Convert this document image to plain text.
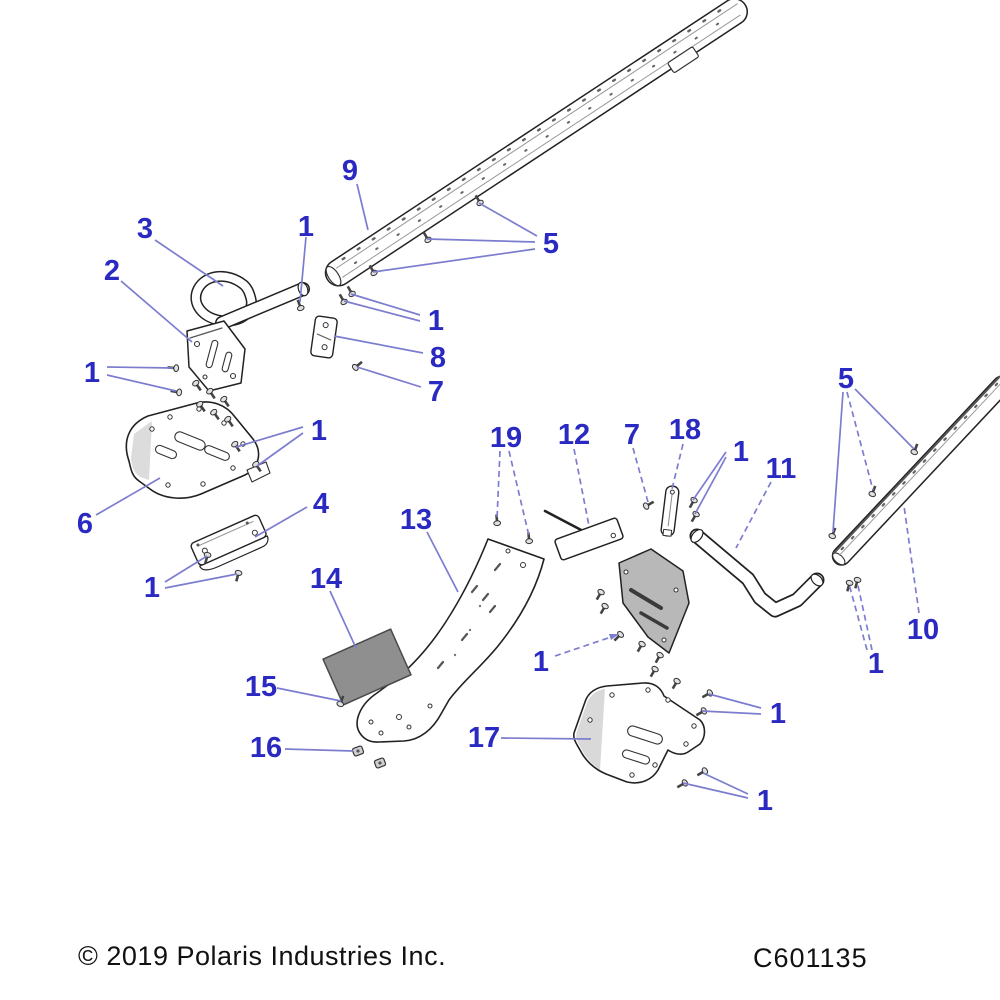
9
1
5
3
2
1
8
7
1
1
6
4
1
19 12 7 18
1
11
5
10
1
13
14
1
15
16	17
1
1
© 2019 Polaris Industries Inc.	C601135
